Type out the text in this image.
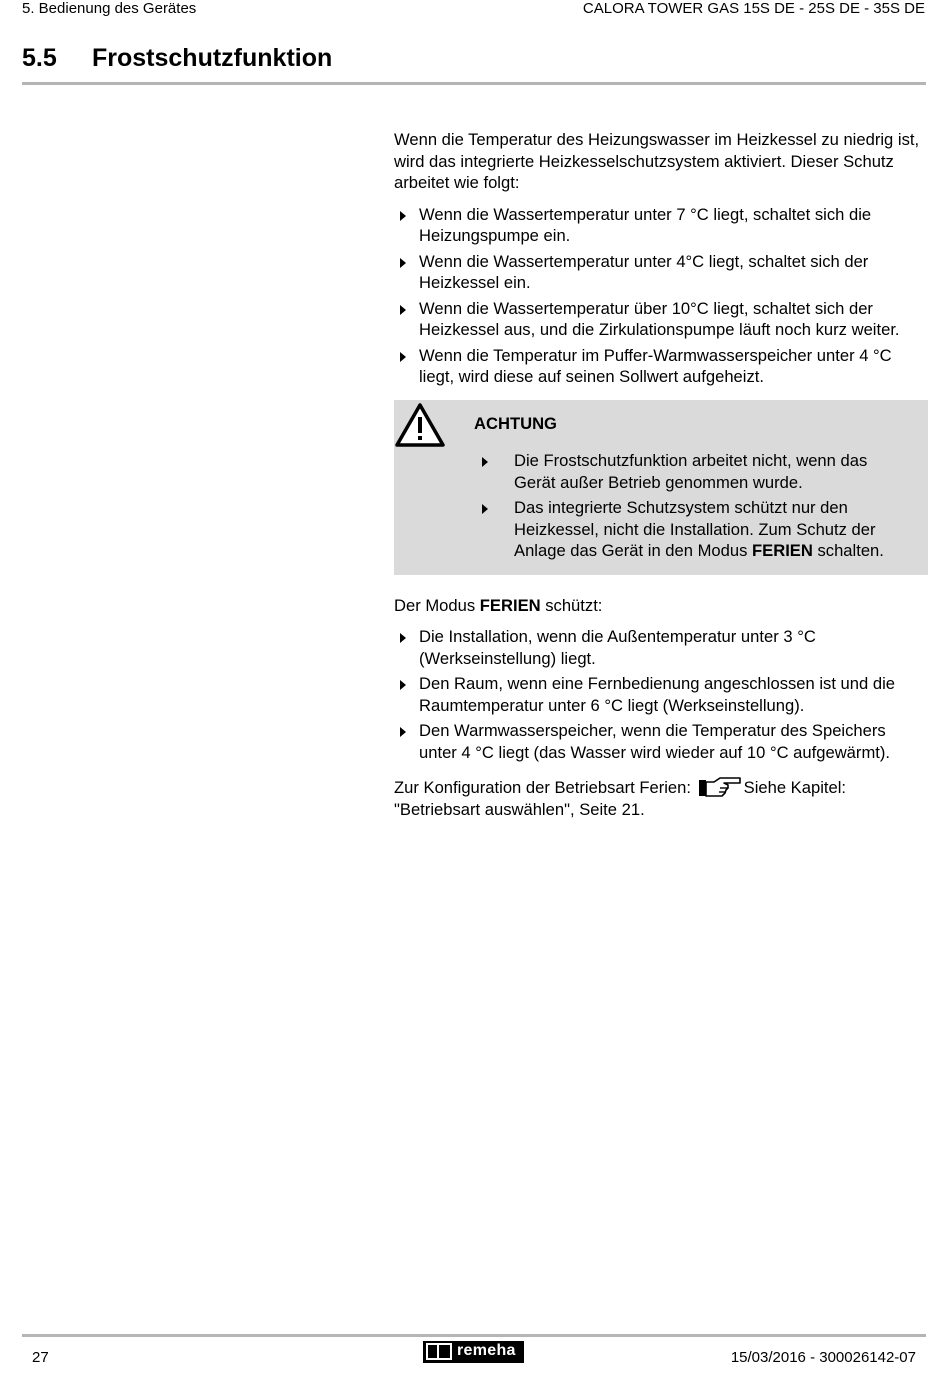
5. Bedienung des Gerätes	CALORA TOWER GAS 15S DE - 25S DE - 35S DE
5.5 Frostschutzfunktion

Wenn die Temperatur des Heizungswasser im Heizkessel zu niedrig ist, wird das integrierte Heizkesselschutzsystem aktiviert. Dieser Schutz arbeitet wie folgt:

Wenn die Wassertemperatur unter 7 °C liegt, schaltet sich die Heizungspumpe ein.
Wenn die Wassertemperatur unter 4°C liegt, schaltet sich der Heizkessel ein.
Wenn die Wassertemperatur über 10°C liegt, schaltet sich der Heizkessel aus, und die Zirkulationspumpe läuft noch kurz weiter.
Wenn die Temperatur im Puffer-Warmwasserspeicher unter 4 °C liegt, wird diese auf seinen Sollwert aufgeheizt.
ACHTUNG
Die Frostschutzfunktion arbeitet nicht, wenn das Gerät außer Betrieb genommen wurde.
Das integrierte Schutzsystem schützt nur den Heizkessel, nicht die Installation. Zum Schutz der Anlage das Gerät in den Modus FERIEN schalten.

Der Modus FERIEN schützt:

Die Installation, wenn die Außentemperatur unter 3 °C (Werkseinstellung) liegt.
Den Raum, wenn eine Fernbedienung angeschlossen ist und die Raumtemperatur unter 6 °C liegt (Werkseinstellung).
Den Warmwasserspeicher, wenn die Temperatur des Speichers unter 4 °C liegt (das Wasser wird wieder auf 10 °C aufgewärmt).

Zur Konfiguration der Betriebsart Ferien:	Siehe Kapitel: "Betriebsart auswählen", Seite 21.

27	remeha	15/03/2016 - 300026142-07
